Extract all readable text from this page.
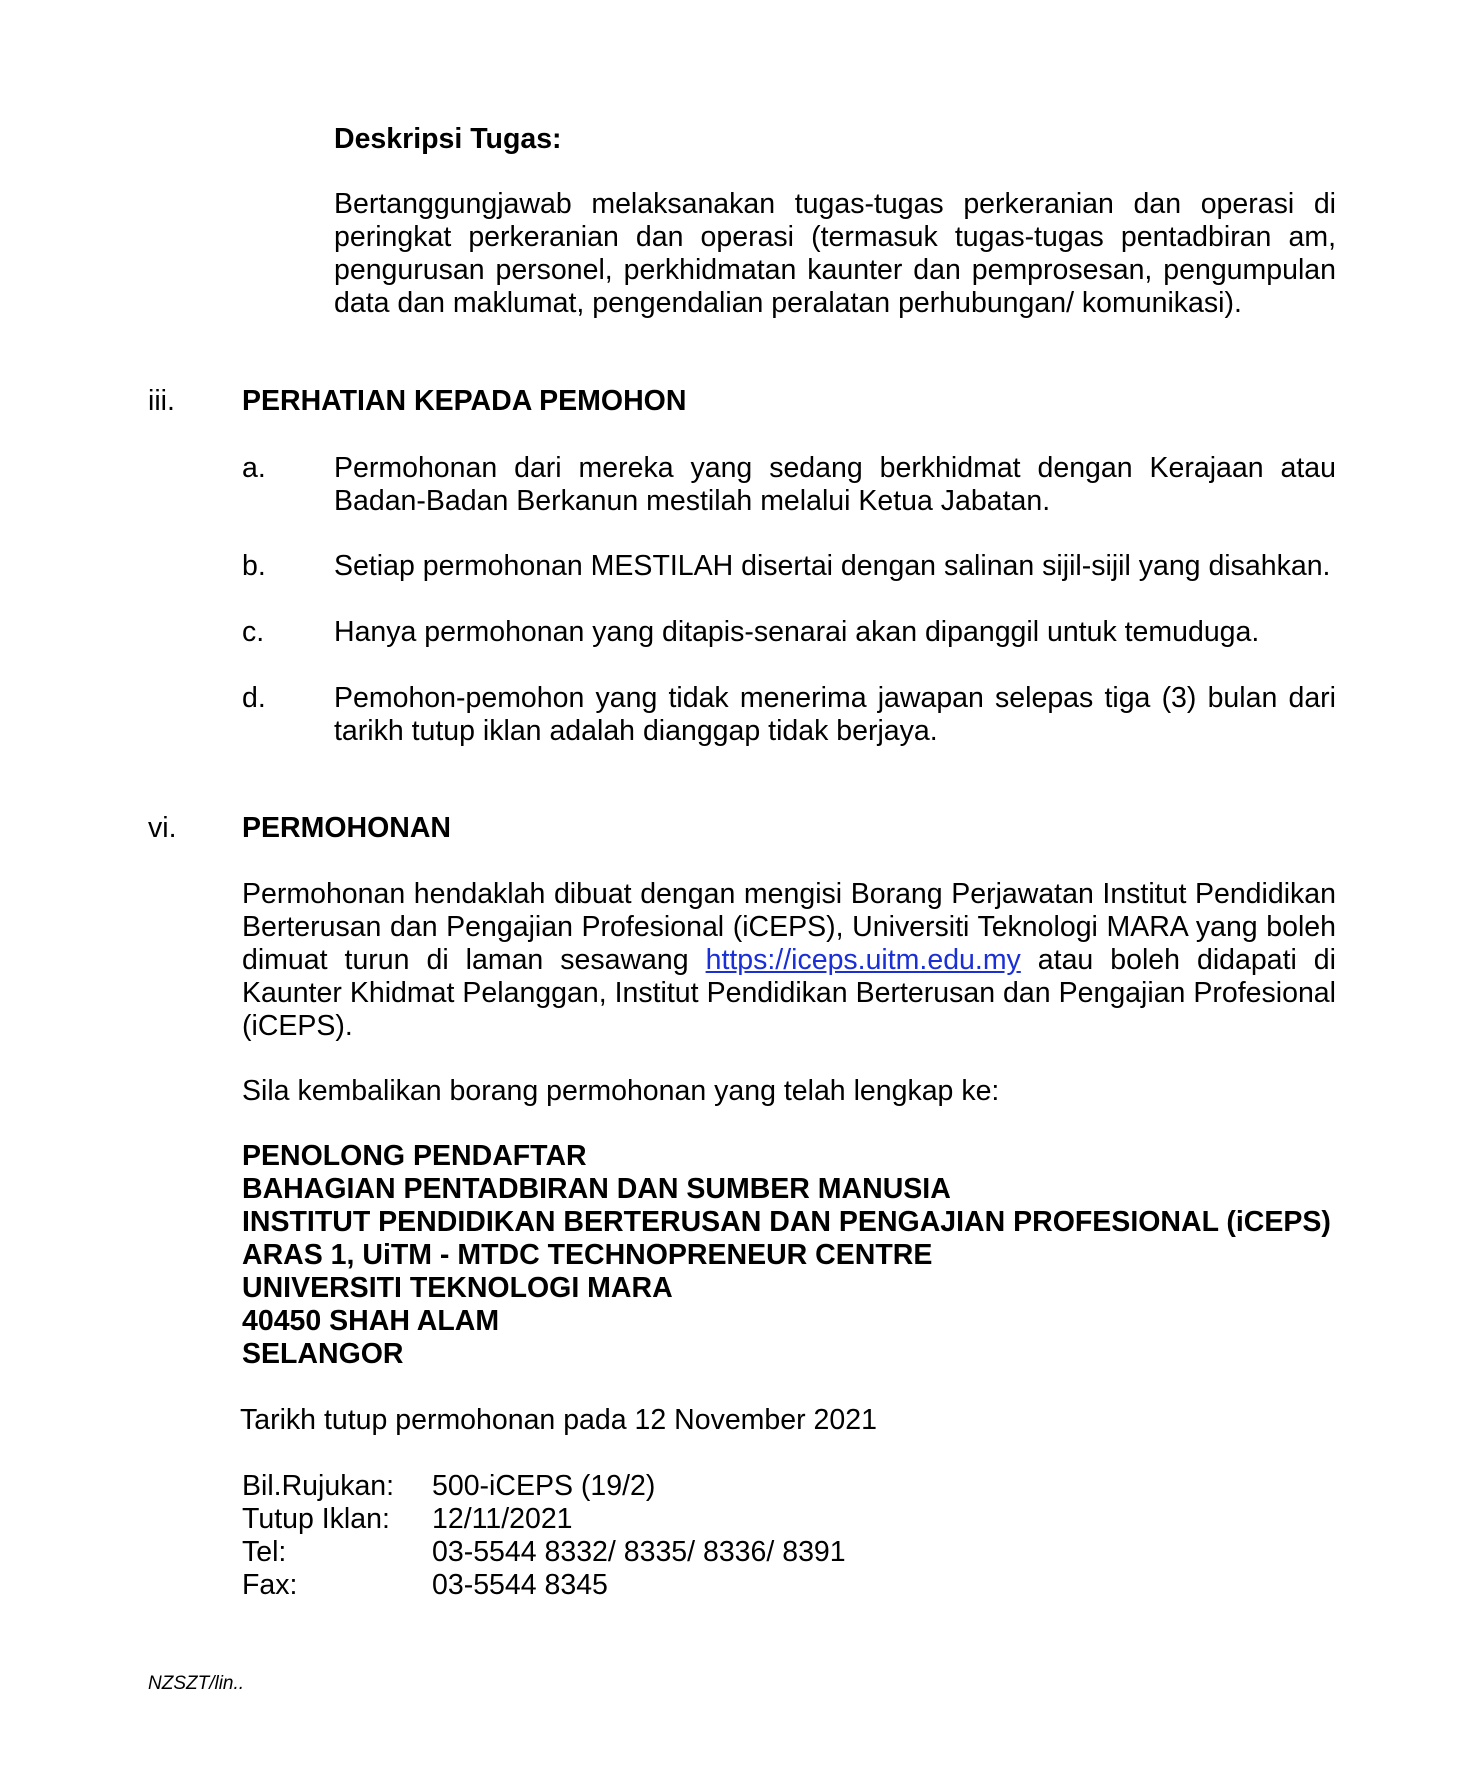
Deskripsi Tugas:

Bertanggungjawab melaksanakan tugas-tugas perkeranian dan operasi di peringkat perkeranian dan operasi (termasuk tugas-tugas pentadbiran am, pengurusan personel, perkhidmatan kaunter dan pemprosesan, pengumpulan data dan maklumat, pengendalian peralatan perhubungan/ komunikasi).

iii. PERHATIAN KEPADA PEMOHON
a. Permohonan dari mereka yang sedang berkhidmat dengan Kerajaan atau Badan-Badan Berkanun mestilah melalui Ketua Jabatan.

b. Setiap permohonan MESTILAH disertai dengan salinan sijil-sijil yang disahkan.

c. Hanya permohonan yang ditapis-senarai akan dipanggil untuk temuduga.

d. Pemohon-pemohon yang tidak menerima jawapan selepas tiga (3) bulan dari tarikh tutup iklan adalah dianggap tidak berjaya.

vi. PERMOHONAN

Permohonan hendaklah dibuat dengan mengisi Borang Perjawatan Institut Pendidikan Berterusan dan Pengajian Profesional (iCEPS), Universiti Teknologi MARA yang boleh dimuat turun di laman sesawang https://iceps.uitm.edu.my atau boleh didapati di Kaunter Khidmat Pelanggan, Institut Pendidikan Berterusan dan Pengajian Profesional (iCEPS).

Sila kembalikan borang permohonan yang telah lengkap ke:
PENOLONG PENDAFTAR
BAHAGIAN PENTADBIRAN DAN SUMBER MANUSIA
INSTITUT PENDIDIKAN BERTERUSAN DAN PENGAJIAN PROFESIONAL (iCEPS)
ARAS 1, UiTM - MTDC TECHNOPRENEUR CENTRE
UNIVERSITI TEKNOLOGI MARA
40450 SHAH ALAM
SELANGOR
Tarikh tutup permohonan pada 12 November 2021
Bil.Rujukan: 500-iCEPS (19/2)
Tutup Iklan: 12/11/2021
Tel:	03-5544 8332/ 8335/ 8336/ 8391
Fax:	03-5544 8345
NZSZT/lin..
